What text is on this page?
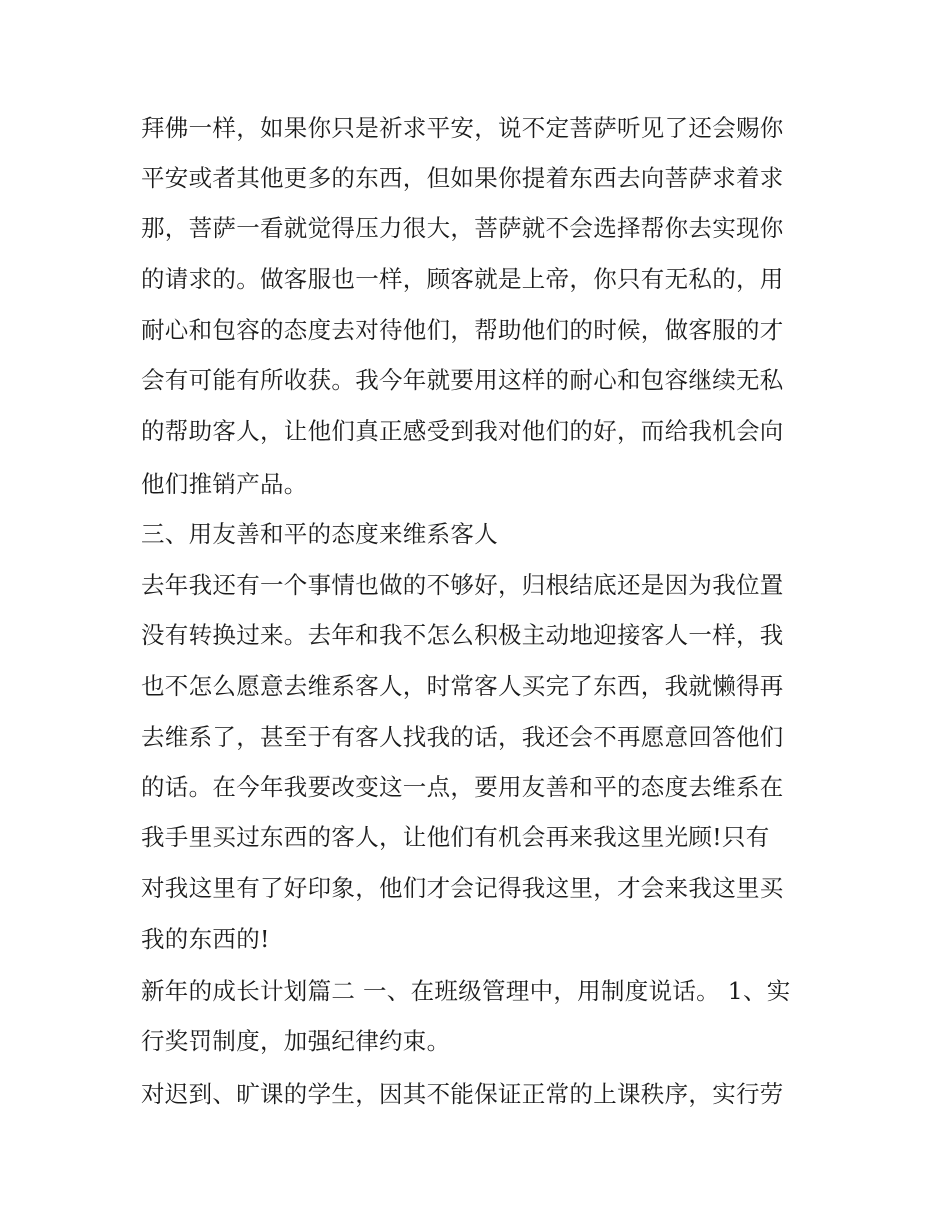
拜佛一样，如果你只是祈求平安，说不定菩萨听见了还会赐你
平安或者其他更多的东西，但如果你提着东西去向菩萨求着求
那，菩萨一看就觉得压力很大，菩萨就不会选择帮你去实现你
的请求的。做客服也一样，顾客就是上帝，你只有无私的，用
耐心和包容的态度去对待他们，帮助他们的时候，做客服的才
会有可能有所收获。我今年就要用这样的耐心和包容继续无私
的帮助客人，让他们真正感受到我对他们的好，而给我机会向
他们推销产品。
三、用友善和平的态度来维系客人
去年我还有一个事情也做的不够好，归根结底还是因为我位置
没有转换过来。去年和我不怎么积极主动地迎接客人一样，我
也不怎么愿意去维系客人，时常客人买完了东西，我就懒得再
去维系了，甚至于有客人找我的话，我还会不再愿意回答他们
的话。在今年我要改变这一点，要用友善和平的态度去维系在
我手里买过东西的客人，让他们有机会再来我这里光顾!只有
对我这里有了好印象，他们才会记得我这里，才会来我这里买
我的东西的!
新年的成长计划篇二 一、在班级管理中，用制度说话。 1、实
行奖罚制度，加强纪律约束。
对迟到、旷课的学生，因其不能保证正常的上课秩序，实行劳
